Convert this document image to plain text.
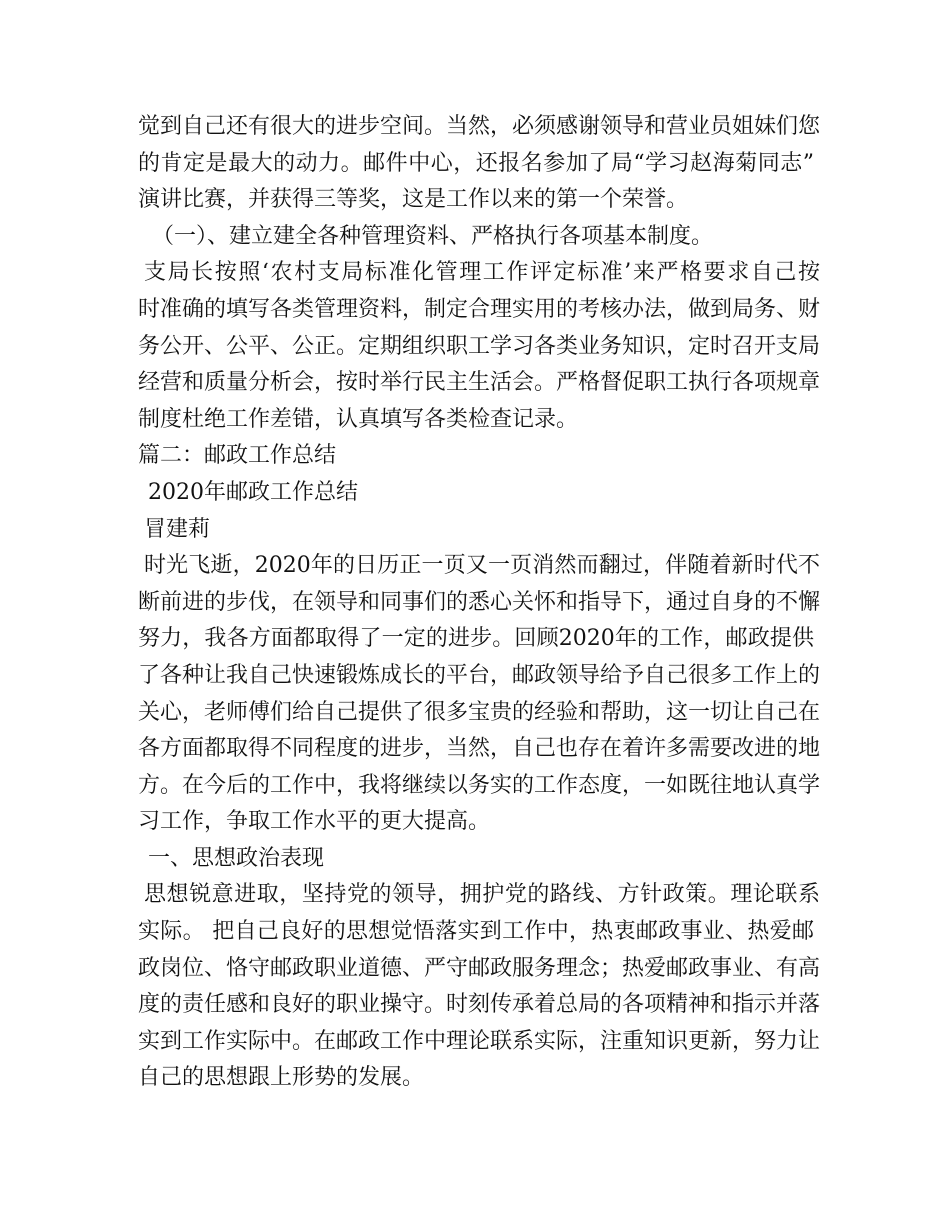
觉到自己还有很大的进步空间。当然，必须感谢领导和营业员姐妹们您
的肯定是最大的动力。邮件中心，还报名参加了局“学习赵海菊同志”
演讲比赛，并获得三等奖，这是工作以来的第一个荣誉。
（一）、建立建全各种管理资料、严格执行各项基本制度。
支局长按照‘农村支局标准化管理工作评定标准’来严格要求自己按
时准确的填写各类管理资料，制定合理实用的考核办法，做到局务、财
务公开、公平、公正。定期组织职工学习各类业务知识，定时召开支局
经营和质量分析会，按时举行民主生活会。严格督促职工执行各项规章
制度杜绝工作差错，认真填写各类检查记录。
篇二：邮政工作总结
2020年邮政工作总结
冒建莉
时光飞逝，2020年的日历正一页又一页消然而翻过，伴随着新时代不
断前进的步伐，在领导和同事们的悉心关怀和指导下，通过自身的不懈
努力，我各方面都取得了一定的进步。回顾2020年的工作，邮政提供
了各种让我自己快速锻炼成长的平台，邮政领导给予自己很多工作上的
关心，老师傅们给自己提供了很多宝贵的经验和帮助，这一切让自己在
各方面都取得不同程度的进步，当然，自己也存在着许多需要改进的地
方。在今后的工作中，我将继续以务实的工作态度，一如既往地认真学
习工作，争取工作水平的更大提高。
一、思想政治表现
思想锐意进取，坚持党的领导，拥护党的路线、方针政策。理论联系
实际。 把自己良好的思想觉悟落实到工作中，热衷邮政事业、热爱邮
政岗位、恪守邮政职业道德、严守邮政服务理念；热爱邮政事业、有高
度的责任感和良好的职业操守。时刻传承着总局的各项精神和指示并落
实到工作实际中。在邮政工作中理论联系实际，注重知识更新，努力让
自己的思想跟上形势的发展。
